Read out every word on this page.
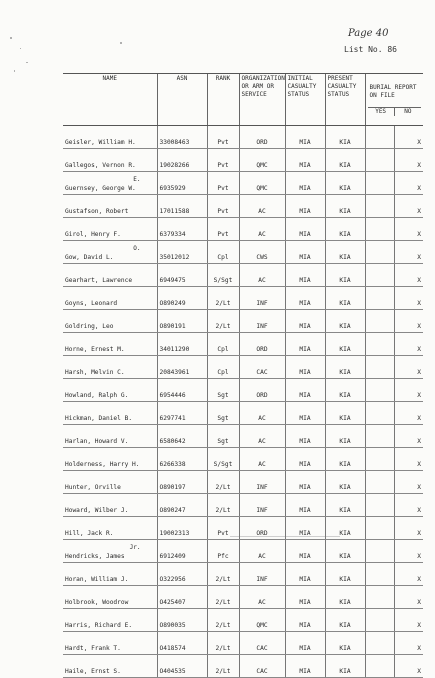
Page 40
List No. 86
NAME	ASN	RANK	ORGANIZATION
OR ARM OR
SERVICE	INITIAL
CASUALTY
STATUS	PRESENT
CASUALTY
STATUS	BURIAL REPORT
ON FILE

YES NO	

Geisler, William H.	33008463	Pvt	ORD	MIA	KIA		X

Gallegos, Vernon R.	19028266	Pvt	QMC	MIA	KIA		X

Guernsey, George W.
E.	6935929	Pvt	QMC	MIA	KIA		X

Gustafson, Robert	17011588	Pvt	AC	MIA	KIA		X

Girol, Henry F.	6379334	Pvt	AC	MIA	KIA		X

Gow, David L.
O.	35012012	Cpl	CWS	MIA	KIA		X

Gearhart, Lawrence	6949475	S/Sgt	AC	MIA	KIA		X

Goyns, Leonard	O890249	2/Lt	INF	MIA	KIA		X

Goldring, Leo	O890191	2/Lt	INF	MIA	KIA		X

Horne, Ernest M.	34011290	Cpl	ORD	MIA	KIA		X

Harsh, Melvin C.	20843961	Cpl	CAC	MIA	KIA		X

Howland, Ralph G.	6954446	Sgt	ORD	MIA	KIA		X

Hickman, Daniel B.	6297741	Sgt	AC	MIA	KIA		X

Harlan, Howard V.	6580642	Sgt	AC	MIA	KIA		X

Holderness, Harry H.	6266338	S/Sgt	AC	MIA	KIA		X

Hunter, Orville	O890197	2/Lt	INF	MIA	KIA		X

Howard, Wilber J.	O890247	2/Lt	INF	MIA	KIA		X

Hill, Jack R.	19002313	Pvt	ORD	MIA	KIA		X

Hendricks, James
Jr.	6912409	Pfc	AC	MIA	KIA		X

Horan, William J.	O322956	2/Lt	INF	MIA	KIA		X

Holbrook, Woodrow	O425407	2/Lt	AC	MIA	KIA		X

Harris, Richard E.	O890035	2/Lt	QMC	MIA	KIA		X

Hardt, Frank T.	O418574	2/Lt	CAC	MIA	KIA		X

Haile, Ernst S.	O404535	2/Lt	CAC	MIA	KIA		X
